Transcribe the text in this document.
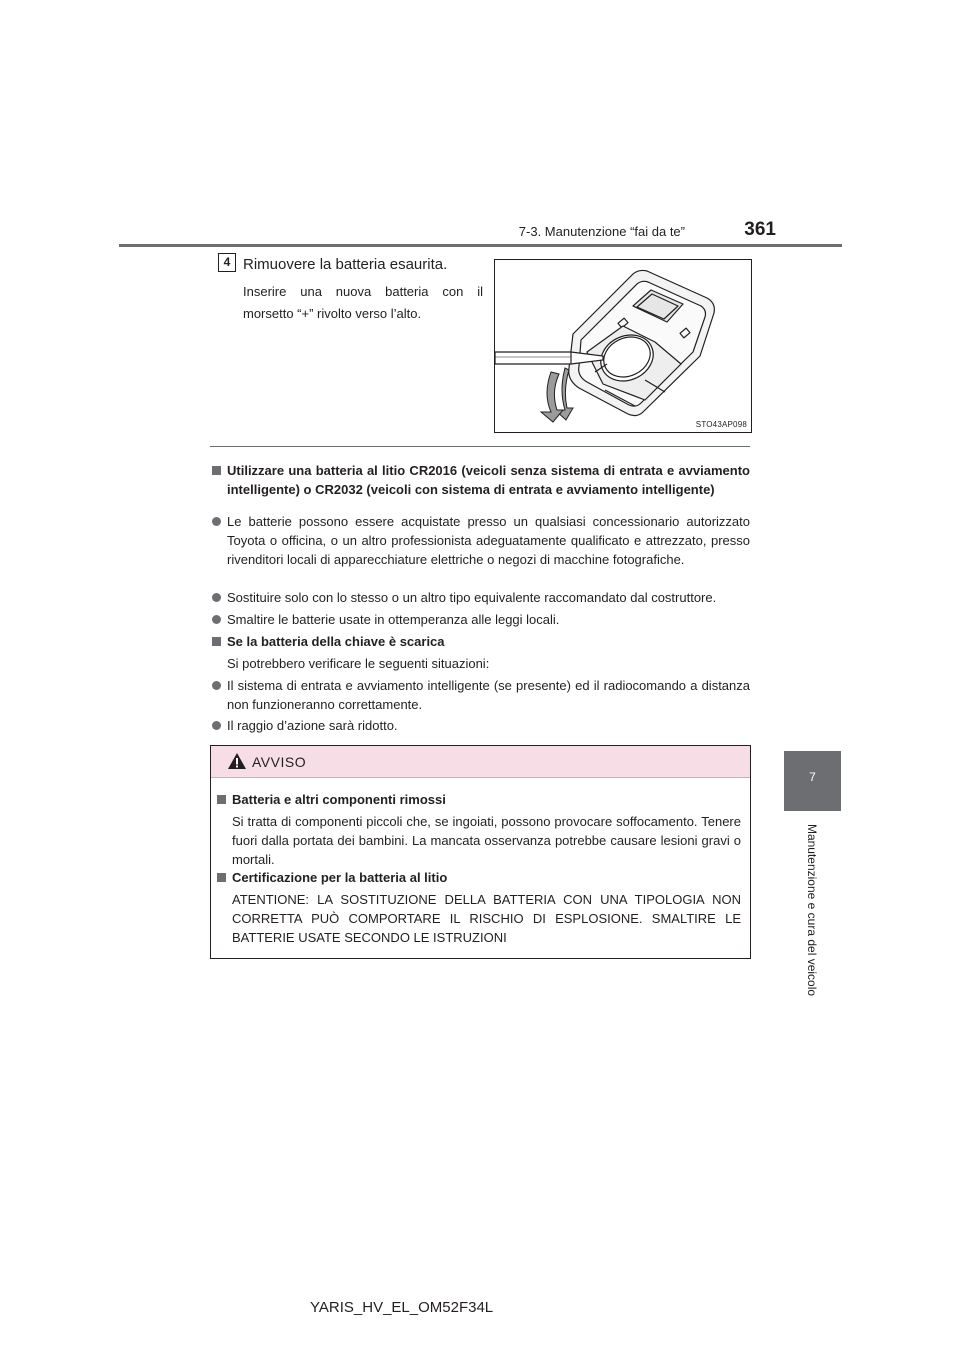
7-3. Manutenzione “fai da te”	361
7
Manutenzione e cura del veicolo
4 Rimuovere la batteria esaurita.
Inserire una nuova batteria con il morsetto “+” rivolto verso l’alto.
STO43AP098
Utilizzare una batteria al litio CR2016 (veicoli senza sistema di entrata e avviamento intelligente) o CR2032 (veicoli con sistema di entrata e avviamento intelligente)
Le batterie possono essere acquistate presso un qualsiasi concessionario autorizzato Toyota o officina, o un altro professionista adeguatamente qualificato e attrezzato, presso rivenditori locali di apparecchiature elettriche o negozi di macchine fotografiche.
Sostituire solo con lo stesso o un altro tipo equivalente raccomandato dal costruttore.
Smaltire le batterie usate in ottemperanza alle leggi locali.
Se la batteria della chiave è scarica
Si potrebbero verificare le seguenti situazioni:
Il sistema di entrata e avviamento intelligente (se presente) ed il radiocomando a distanza non funzioneranno correttamente.
Il raggio d’azione sarà ridotto.
AVVISO
Batteria e altri componenti rimossi
Si tratta di componenti piccoli che, se ingoiati, possono provocare soffocamento. Tenere fuori dalla portata dei bambini. La mancata osservanza potrebbe causare lesioni gravi o mortali.
Certificazione per la batteria al litio
ATENTIONE: LA SOSTITUZIONE DELLA BATTERIA CON UNA TIPOLOGIA NON CORRETTA PUÒ COMPORTARE IL RISCHIO DI ESPLOSIONE. SMALTIRE LE BATTERIE USATE SECONDO LE ISTRUZIONI
YARIS_HV_EL_OM52F34L
